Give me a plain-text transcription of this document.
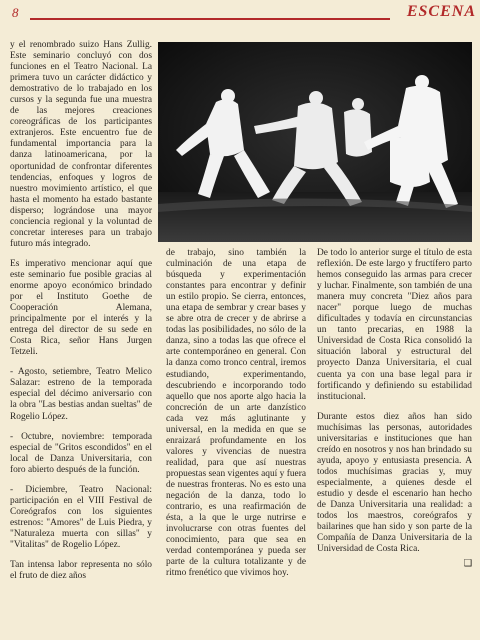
8	ESCENA

y el renombrado suizo Hans Zullig. Este seminario concluyó con dos funciones en el Teatro Nacional. La primera tuvo un carácter didáctico y demostrativo de lo trabajado en los cursos y la segunda fue una muestra de las mejores creaciones coreográficas de los participantes extranjeros. Este encuentro fue de fundamental importancia para la danza latinoamericana, por la oportunidad de confrontar diferentes tendencias, enfoques y logros de nuestro movimiento artístico, el que hasta el momento ha estado bastante disperso; lográndose una mayor conciencia regional y la voluntad de concretar intereses para un trabajo futuro más integrado.

Es imperativo mencionar aquí que este seminario fue posible gracias al enorme apoyo económico brindado por el Instituto Goethe de Cooperación Alemana, principalmente por el interés y la entrega del director de su sede en Costa Rica, señor Hans Jurgen Tetzeli.

- Agosto, setiembre, Teatro Melico Salazar: estreno de la temporada especial del décimo aniversario con la obra "Las bestias andan sueltas" de Rogelio López.

- Octubre, noviembre: temporada especial de "Gritos escondidos" en el local de Danza Universitaria, con foro abierto después de la función.

- Diciembre, Teatro Nacional: participación en el VIII Festival de Coreógrafos con los siguientes estrenos: "Amores" de Luis Piedra, y "Naturaleza muerta con sillas" y "Vitalitas" de Rogelio López.

Tan intensa labor representa no sólo el fruto de diez años

de trabajo, sino también la culminación de una etapa de búsqueda y experimentación constantes para encontrar y definir un estilo propio. Se cierra, entonces, una etapa de sembrar y crear bases y se abre otra de crecer y de abrirse a todas las posibilidades, no sólo de la danza, sino a todas las que ofrece el arte contemporáneo en general. Con la danza como tronco central, iremos estudiando, experimentando, descubriendo e incorporando todo aquello que nos aporte algo hacia la concreción de un arte danzístico cada vez más aglutinante y universal, en la medida en que se enraizará profundamente en los valores y vivencias de nuestra realidad, para que así nuestras propuestas sean vigentes aquí y fuera de nuestras fronteras. No es esto una negación de la danza, todo lo contrario, es una reafirmación de ésta, a la que le urge nutrirse e involucrarse con otras fuentes del conocimiento, para que sea en verdad contemporánea y pueda ser parte de la cultura totalizante y de ritmo frenético que vivimos hoy.

De todo lo anterior surge el título de esta reflexión. De este largo y fructífero parto hemos conseguido las armas para crecer y luchar. Finalmente, son también de una manera muy concreta "Diez años para nacer" porque luego de muchas dificultades y todavía en circunstancias un tanto precarias, en 1988 la Universidad de Costa Rica consolidó la situación laboral y estructural del proyecto Danza Universitaria, el cual cuenta ya con una base legal para ir fortificando y definiendo su estabilidad institucional.

Durante estos diez años han sido muchísimas las personas, autoridades universitarias e instituciones que han creído en nosotros y nos han brindado su ayuda, apoyo y entusiasta presencia. A todos muchísimas gracias y, muy especialmente, a quienes desde el estudio y desde el escenario han hecho de Danza Universitaria una realidad: a todos los maestros, coreógrafos y bailarines que han sido y son parte de la Compañía de Danza Universitaria de la Universidad de Costa Rica.

❑
